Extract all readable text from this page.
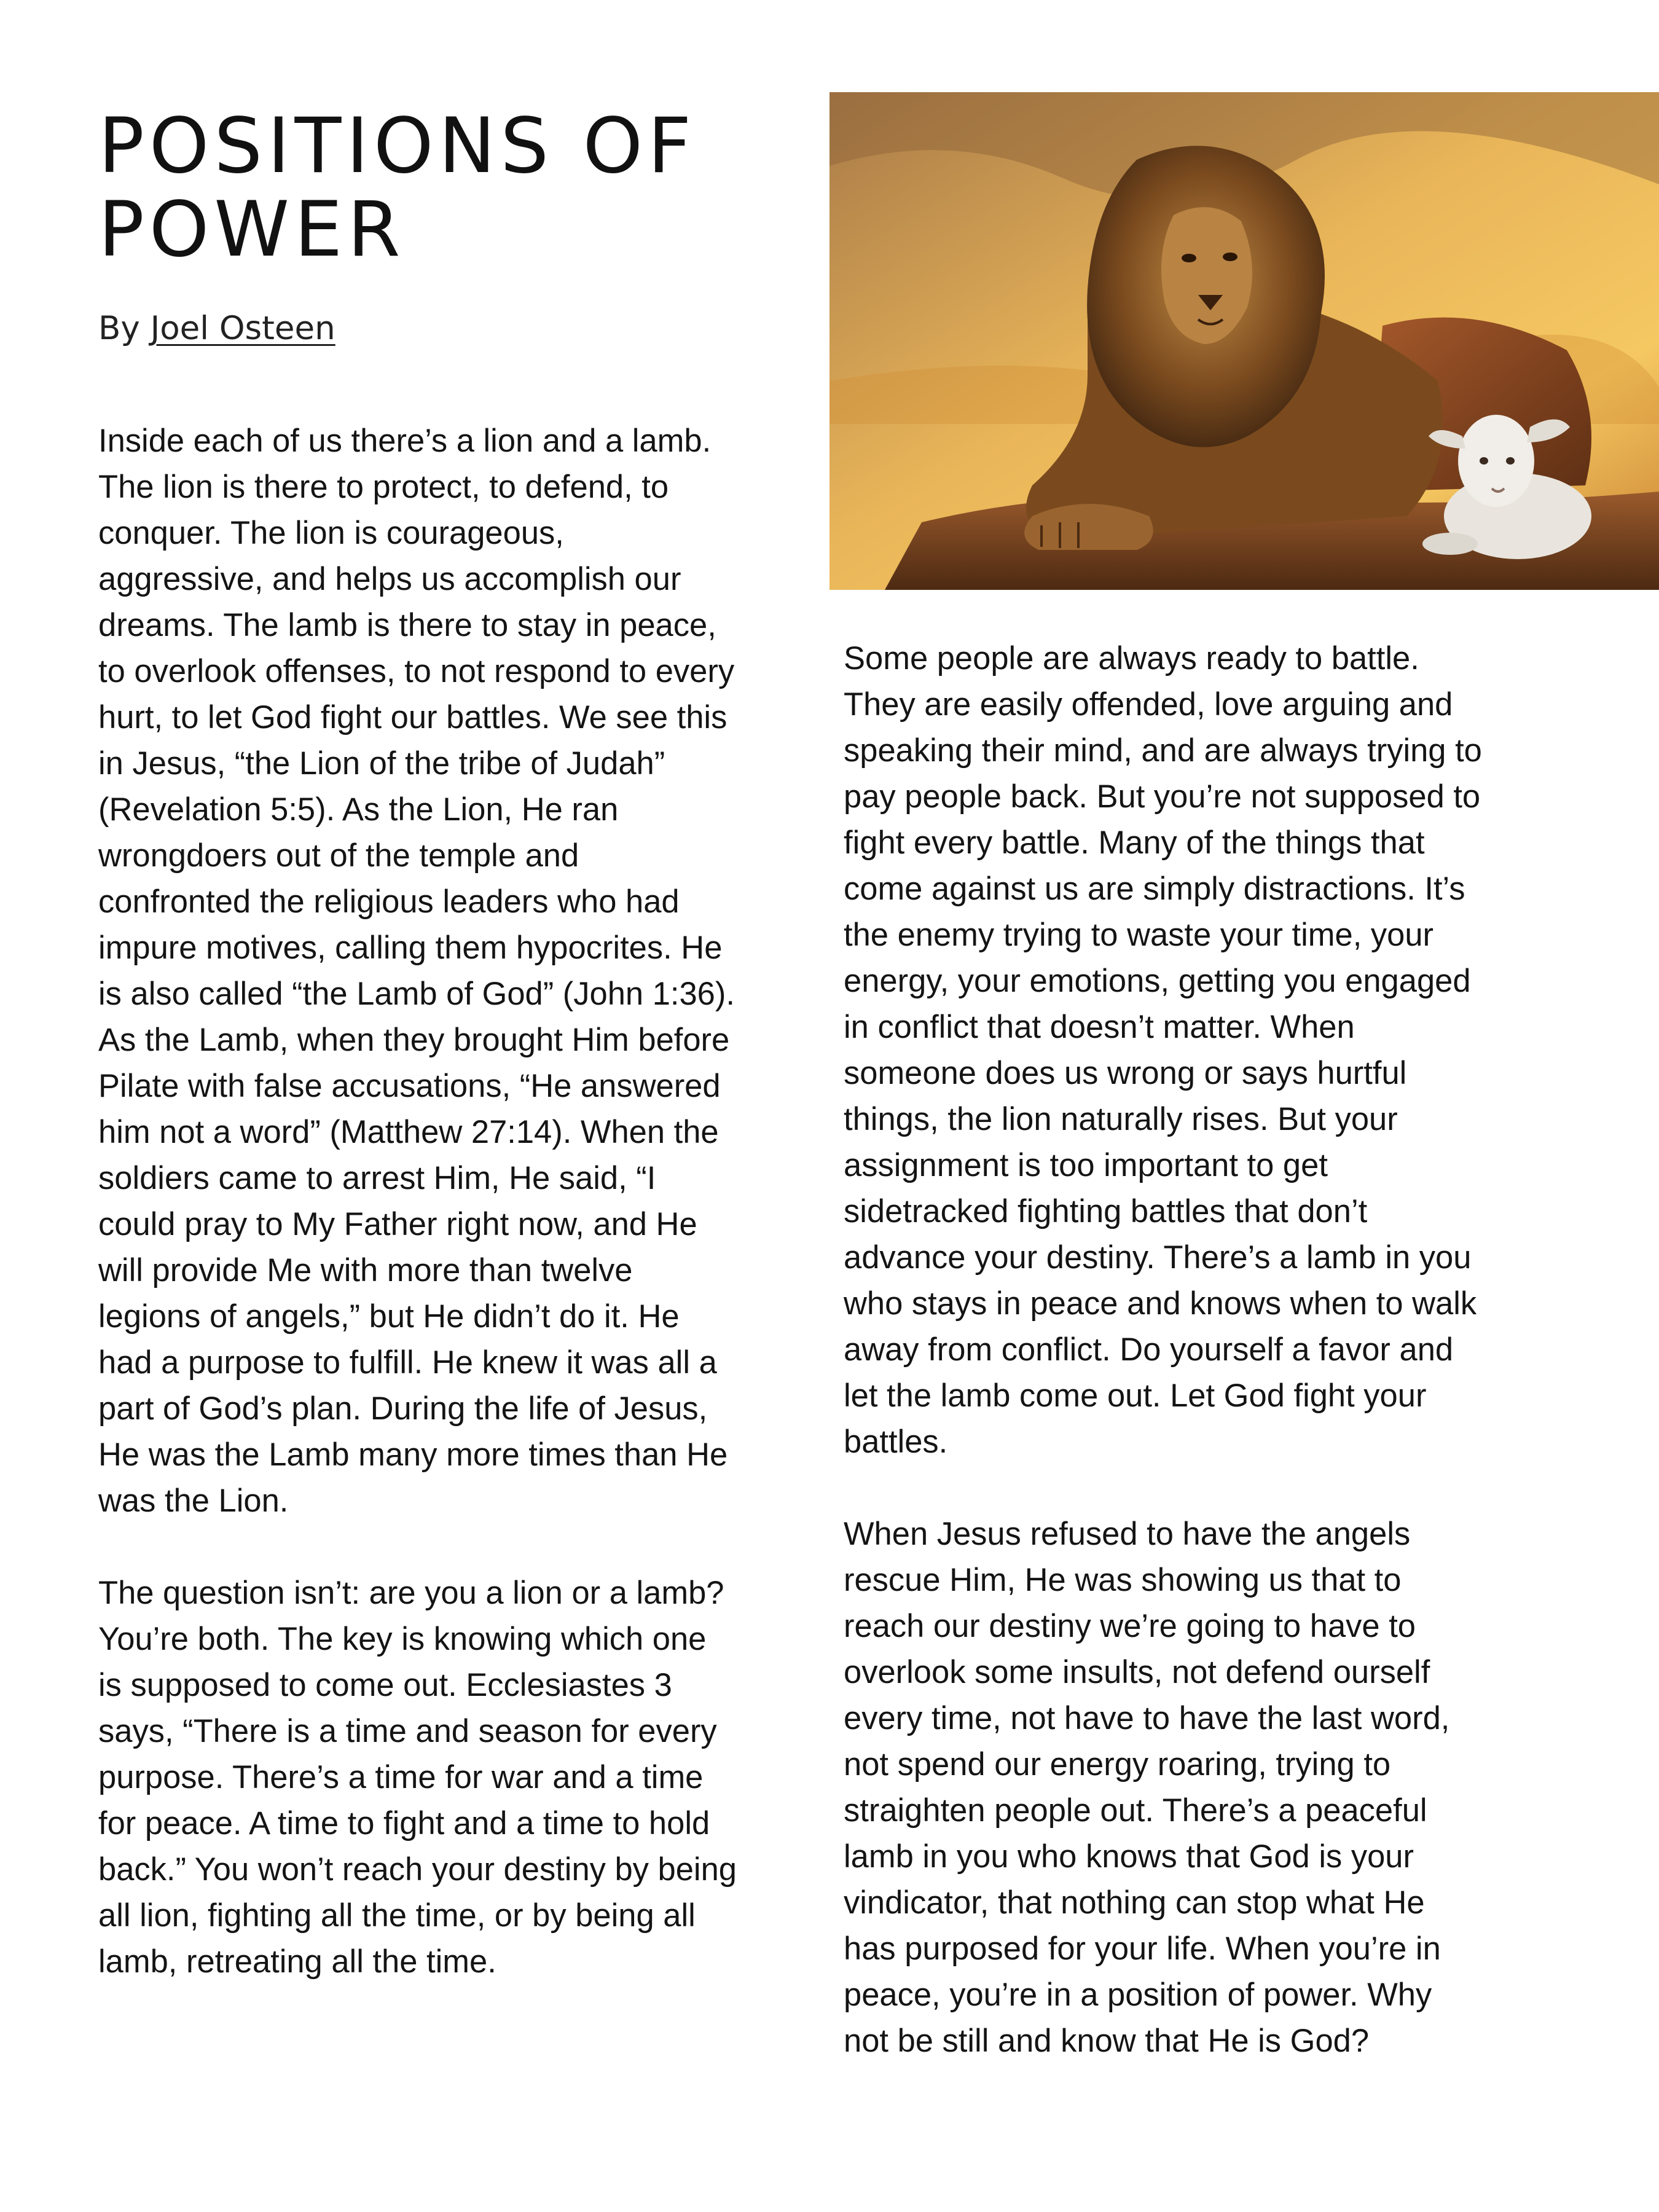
POSITIONS OF POWER
By Joel Osteen

Inside each of us there’s a lion and a lamb. The lion is there to protect, to defend, to conquer. The lion is courageous, aggressive, and helps us accomplish our dreams. The lamb is there to stay in peace, to overlook offenses, to not respond to every hurt, to let God fight our battles. We see this in Jesus, “the Lion of the tribe of Judah” (Revelation 5:5). As the Lion, He ran wrongdoers out of the temple and confronted the religious leaders who had impure motives, calling them hypocrites. He is also called “the Lamb of God” (John 1:36). As the Lamb, when they brought Him before Pilate with false accusations, “He answered him not a word” (Matthew 27:14). When the soldiers came to arrest Him, He said, “I could pray to My Father right now, and He will provide Me with more than twelve legions of angels,” but He didn’t do it. He had a purpose to fulfill. He knew it was all a part of God’s plan. During the life of Jesus, He was the Lamb many more times than He was the Lion.

The question isn’t: are you a lion or a lamb? You’re both. The key is knowing which one is supposed to come out. Ecclesiastes 3 says, “There is a time and season for every purpose. There’s a time for war and a time for peace. A time to fight and a time to hold back.” You won’t reach your destiny by being all lion, fighting all the time, or by being all lamb, retreating all the time.

Some people are always ready to battle. They are easily offended, love arguing and speaking their mind, and are always trying to pay people back. But you’re not supposed to fight every battle. Many of the things that come against us are simply distractions. It’s the enemy trying to waste your time, your energy, your emotions, getting you engaged in conflict that doesn’t matter. When someone does us wrong or says hurtful things, the lion naturally rises. But your assignment is too important to get sidetracked fighting battles that don’t advance your destiny. There’s a lamb in you who stays in peace and knows when to walk away from conflict. Do yourself a favor and let the lamb come out. Let God fight your battles.

When Jesus refused to have the angels rescue Him, He was showing us that to reach our destiny we’re going to have to overlook some insults, not defend ourself every time, not have to have the last word, not spend our energy roaring, trying to straighten people out. There’s a peaceful lamb in you who knows that God is your vindicator, that nothing can stop what He has purposed for your life. When you’re in peace, you’re in a position of power. Why not be still and know that He is God?
